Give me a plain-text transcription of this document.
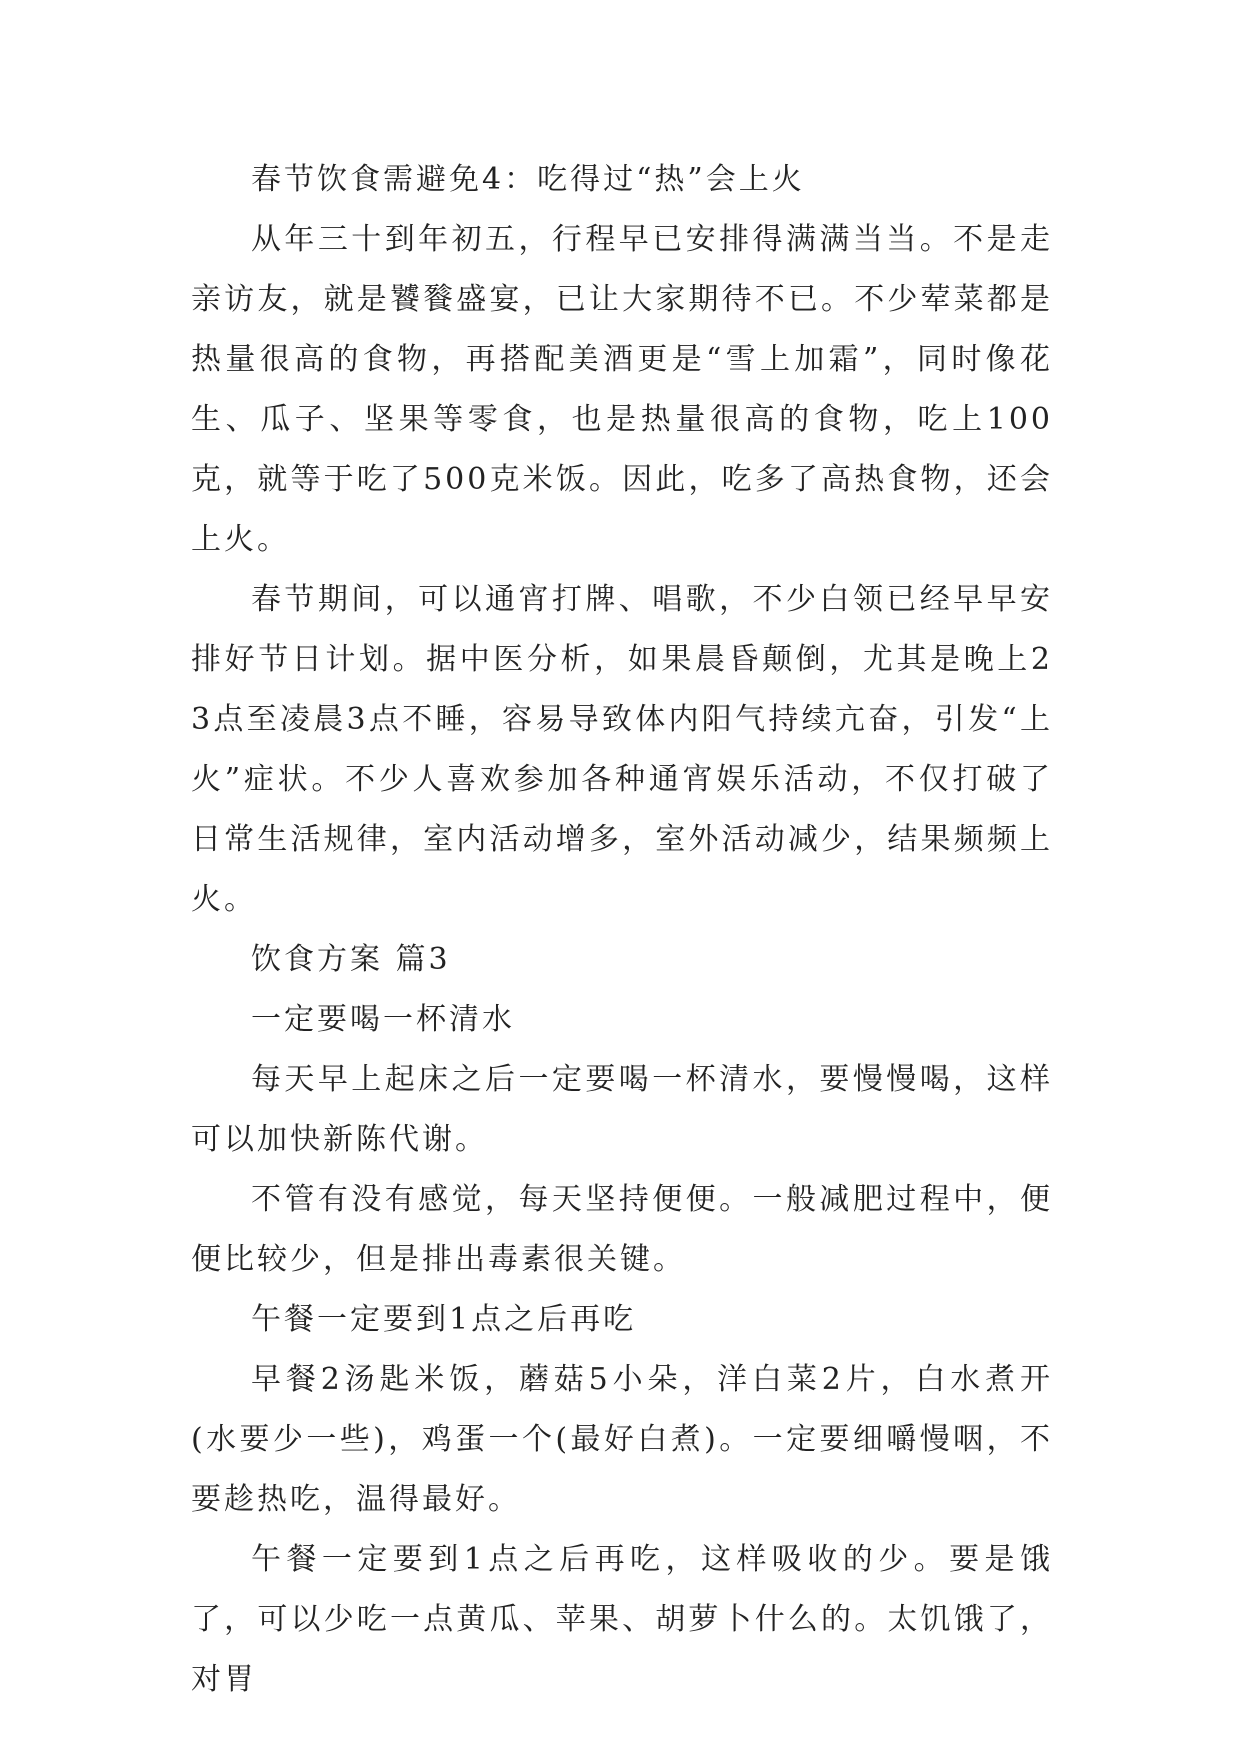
春节饮食需避免4：吃得过“热”会上火

从年三十到年初五，行程早已安排得满满当当。不是走亲访友，就是饕餮盛宴，已让大家期待不已。不少荤菜都是热量很高的食物，再搭配美酒更是“雪上加霜”，同时像花生、瓜子、坚果等零食，也是热量很高的食物，吃上100克，就等于吃了500克米饭。因此，吃多了高热食物，还会上火。

春节期间，可以通宵打牌、唱歌，不少白领已经早早安排好节日计划。据中医分析，如果晨昏颠倒，尤其是晚上23点至凌晨3点不睡，容易导致体内阳气持续亢奋，引发“上火”症状。不少人喜欢参加各种通宵娱乐活动，不仅打破了日常生活规律，室内活动增多，室外活动减少，结果频频上火。

饮食方案 篇3

一定要喝一杯清水

每天早上起床之后一定要喝一杯清水，要慢慢喝，这样可以加快新陈代谢。

不管有没有感觉，每天坚持便便。一般减肥过程中，便便比较少，但是排出毒素很关键。

午餐一定要到1点之后再吃

早餐2汤匙米饭，蘑菇5小朵，洋白菜2片，白水煮开(水要少一些)，鸡蛋一个(最好白煮)。一定要细嚼慢咽，不要趁热吃，温得最好。

午餐一定要到1点之后再吃，这样吸收的少。要是饿了，可以少吃一点黄瓜、苹果、胡萝卜什么的。太饥饿了，对胃
